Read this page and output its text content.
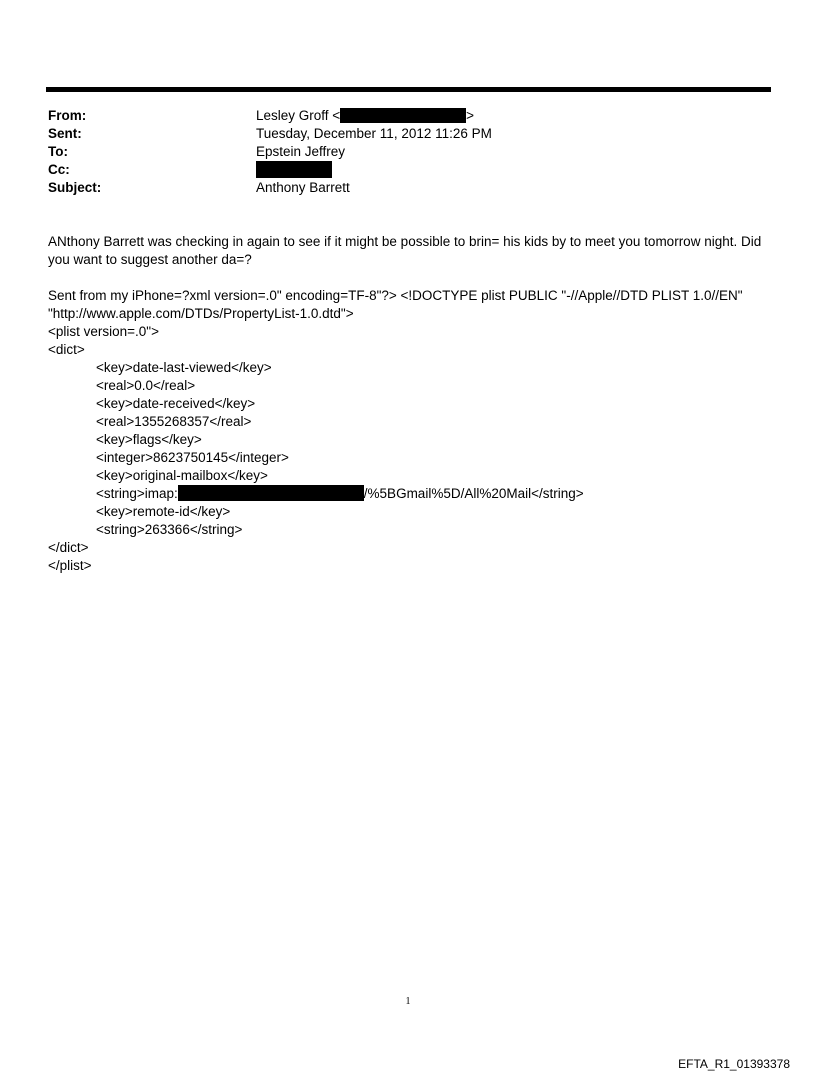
From:	Lesley Groff <	>
Sent:	Tuesday, December 11, 2012 11:26 PM
To:	Epstein Jeffrey
Cc:
Subject:	Anthony Barrett

ANthony Barrett was checking in again to see if it might be possible to brin= his kids by to meet you tomorrow night. Did you want to suggest another da=?

Sent from my iPhone=?xml version=.0" encoding=TF-8"?> <!DOCTYPE plist PUBLIC "-//Apple//DTD PLIST 1.0//EN"

"http://www.apple.com/DTDs/PropertyList-1.0.dtd">

<plist version=.0">

<dict>

<key>date-last-viewed</key>

<real>0.0</real>

<key>date-received</key>

<real>1355268357</real>

<key>flags</key>

<integer>8623750145</integer>

<key>original-mailbox</key>

<string>imap:	/%5BGmail%5D/All%20Mail</string>

<key>remote-id</key>

<string>263366</string>

</dict>

</plist>

1
EFTA_R1_01393378
